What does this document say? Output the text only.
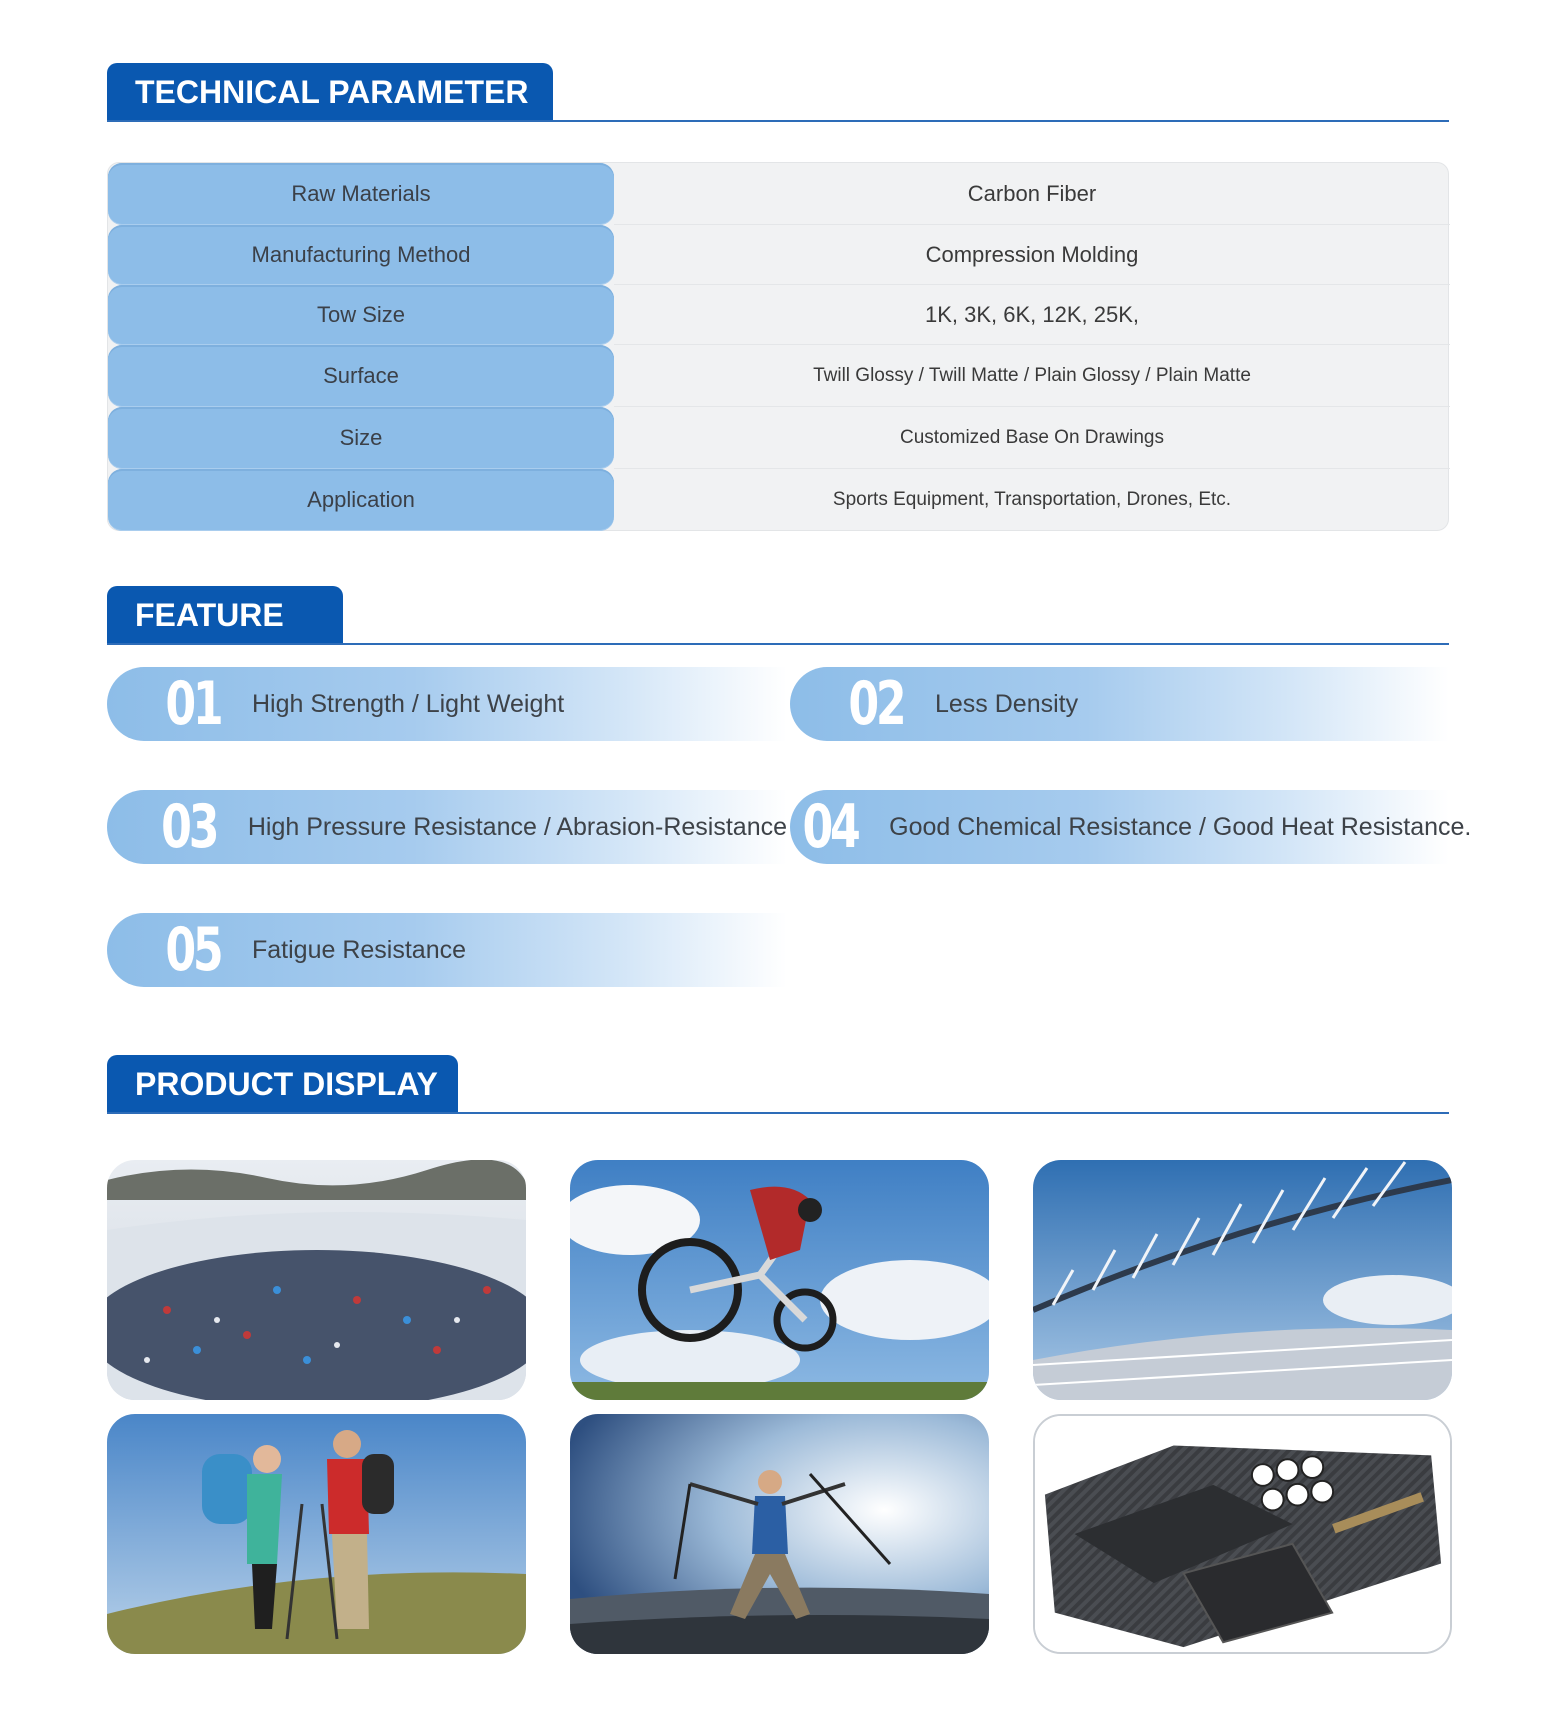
TECHNICAL PARAMETER
Raw Materials	Carbon Fiber
Manufacturing Method	Compression Molding
Tow Size	1K, 3K, 6K, 12K, 25K,
Surface	Twill Glossy / Twill Matte / Plain Glossy / Plain Matte
Size	Customized Base On Drawings
Application	Sports Equipment, Transportation, Drones, Etc.
FEATURE
01 High Strength / Light Weight	02 Less Density
03 High Pressure Resistance / Abrasion-Resistance 04 Good Chemical Resistance / Good Heat Resistance.
05 Fatigue Resistance
PRODUCT DISPLAY
